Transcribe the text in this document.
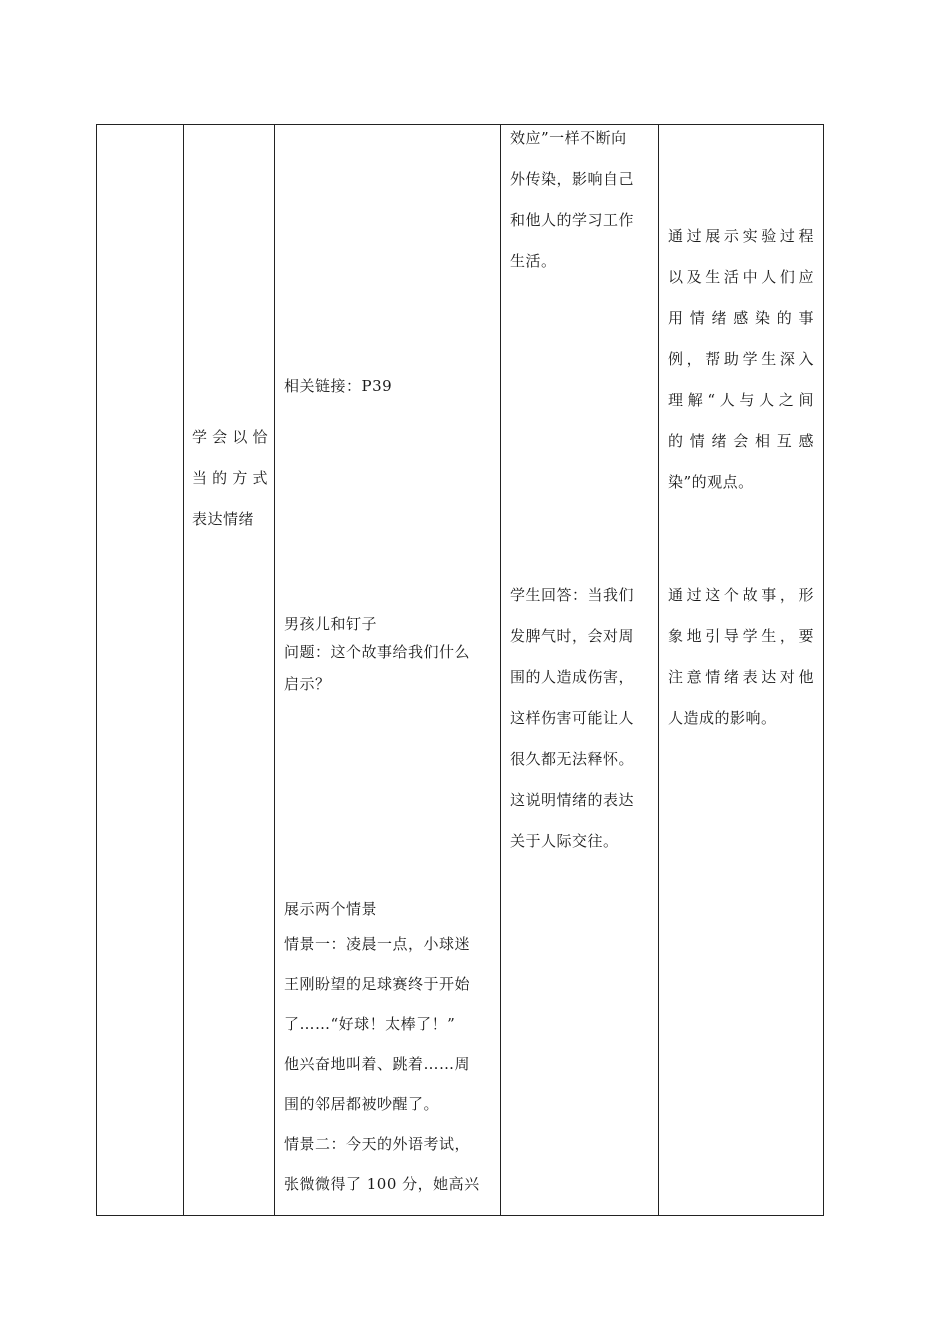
学会以恰
当的方式
表达情绪
相关链接：P39
男孩儿和钉子
问题：这个故事给我们什么
启示？
展示两个情景
情景一：凌晨一点，小球迷
王刚盼望的足球赛终于开始
了……“好球！太棒了！”
他兴奋地叫着、跳着……周
围的邻居都被吵醒了。
情景二：今天的外语考试，
张微微得了 100 分，她高兴
效应”一样不断向
外传染，影响自己
和他人的学习工作
生活。
学生回答：当我们
发脾气时，会对周
围的人造成伤害，
这样伤害可能让人
很久都无法释怀。
这说明情绪的表达
关于人际交往。
通过展示实验过程
以及生活中人们应
用情绪感染的事
例，帮助学生深入
理解“人与人之间
的情绪会相互感
染”的观点。
通过这个故事，形
象地引导学生，要
注意情绪表达对他
人造成的影响。
